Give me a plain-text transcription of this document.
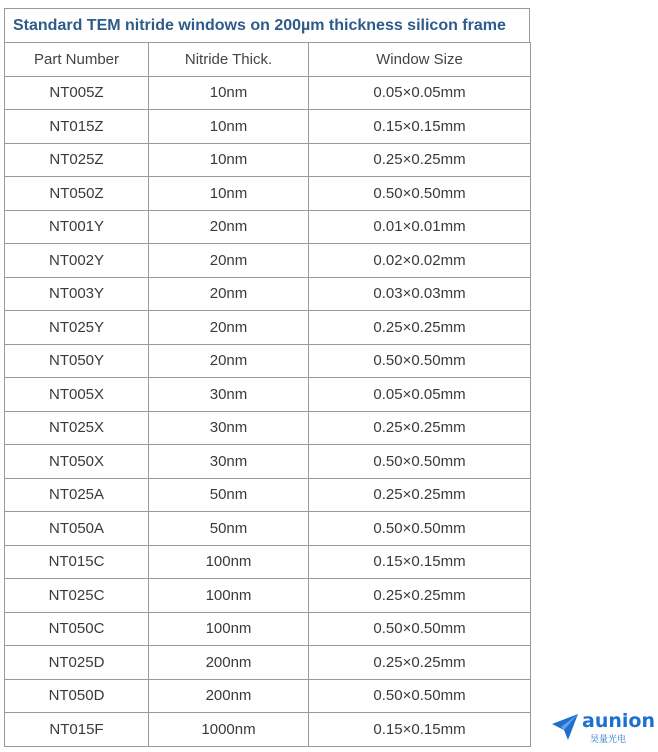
Standard TEM nitride windows on 200µm thickness silicon frame
Part Number	Nitride Thick.	Window Size
NT005Z	10nm	0.05×0.05mm
NT015Z	10nm	0.15×0.15mm
NT025Z	10nm	0.25×0.25mm
NT050Z	10nm	0.50×0.50mm
NT001Y	20nm	0.01×0.01mm
NT002Y	20nm	0.02×0.02mm
NT003Y	20nm	0.03×0.03mm
NT025Y	20nm	0.25×0.25mm
NT050Y	20nm	0.50×0.50mm
NT005X	30nm	0.05×0.05mm
NT025X	30nm	0.25×0.25mm
NT050X	30nm	0.50×0.50mm
NT025A	50nm	0.25×0.25mm
NT050A	50nm	0.50×0.50mm
NT015C	100nm	0.15×0.15mm
NT025C	100nm	0.25×0.25mm
NT050C	100nm	0.50×0.50mm
NT025D	200nm	0.25×0.25mm
NT050D	200nm	0.50×0.50mm
NT015F	1000nm	0.15×0.15mm	aunion
昊量光电
